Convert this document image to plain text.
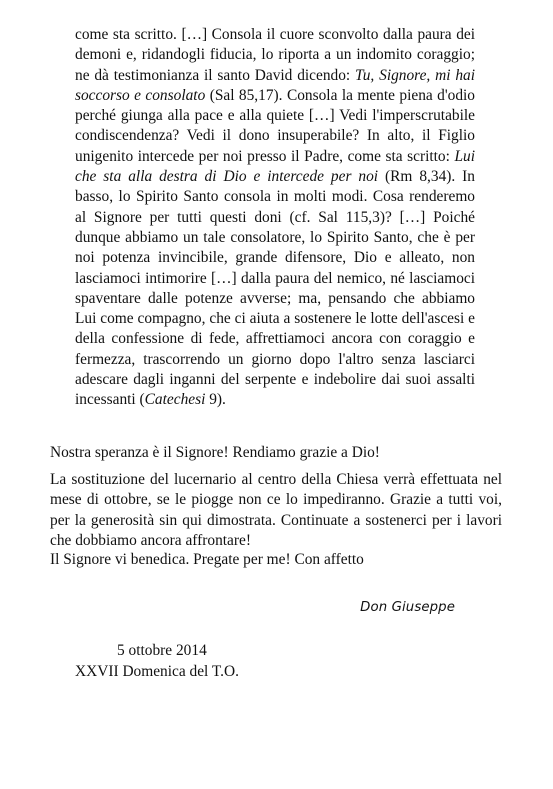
come sta scritto. […] Consola il cuore sconvolto dalla paura dei demoni e, ridandogli fiducia, lo riporta a un indomito coraggio; ne dà testimonianza il santo David dicendo: Tu, Signore, mi hai soccorso e consolato (Sal 85,17). Consola la mente piena d'odio perché giunga alla pace e alla quiete […] Vedi l'imperscrutabile condiscendenza? Vedi il dono insuperabile? In alto, il Figlio unigenito intercede per noi presso il Padre, come sta scritto: Lui che sta alla destra di Dio e intercede per noi (Rm 8,34). In basso, lo Spirito Santo consola in molti modi. Cosa renderemo al Signore per tutti questi doni (cf. Sal 115,3)? […] Poiché dunque abbiamo un tale consolatore, lo Spirito Santo, che è per noi potenza invincibile, grande difensore, Dio e alleato, non lasciamoci intimorire […] dalla paura del nemico, né lasciamoci spaventare dalle potenze avverse; ma, pensando che abbiamo Lui come compagno, che ci aiuta a sostenere le lotte dell'ascesi e della confessione di fede, affrettiamoci ancora con coraggio e fermezza, trascorrendo un giorno dopo l'altro senza lasciarci adescare dagli inganni del serpente e indebolire dai suoi assalti incessanti (Catechesi 9).

Nostra speranza è il Signore! Rendiamo grazie a Dio!

La sostituzione del lucernario al centro della Chiesa verrà effettuata nel mese di ottobre, se le piogge non ce lo impediranno. Grazie a tutti voi, per la generosità sin qui dimostrata. Continuate a sostenerci per i lavori che dobbiamo ancora affrontare!

Il Signore vi benedica. Pregate per me! Con affetto

Don Giuseppe
5 ottobre 2014
XXVII Domenica del T.O.
